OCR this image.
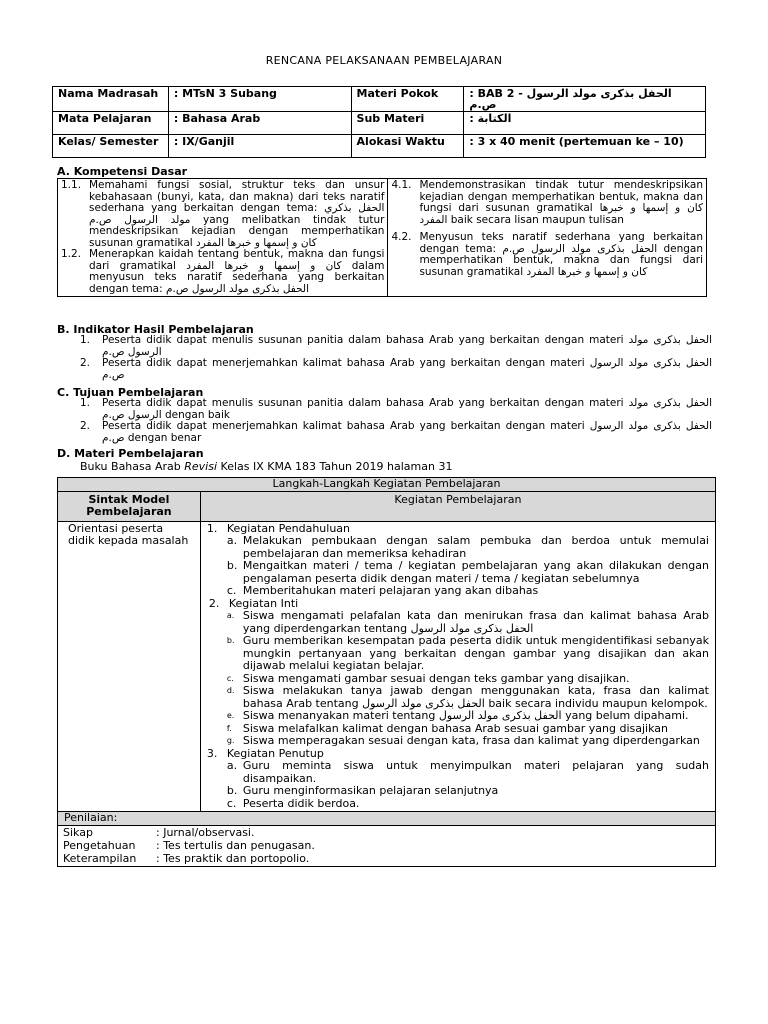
RENCANA PELAKSANAAN PEMBELAJARAN
Nama Madrasah	: MTsN 3 Subang	Materi Pokok	: BAB 2 - الحفل بذكرى مولد الرسول ص.م
Mata Pelajaran	: Bahasa Arab	Sub Materi	: الكتابة
Kelas/ Semester	: IX/Ganjil	Alokasi Waktu	: 3 x 40 menit (pertemuan ke – 10)
A. Kompetensi Dasar
1.1. Memahami fungsi sosial, struktur teks dan unsur kebahasaan (bunyi, kata, dan makna) dari teks naratif sederhana yang berkaitan dengan tema: الحفل بذكري مولد الرسول ص.م yang melibatkan tindak tutur mendeskripsikan kejadian dengan memperhatikan susunan gramatikal كان و إسمها و خبرها المفرد
1.2. Menerapkan kaidah tentang bentuk, makna dan fungsi dari gramatikal كان و إسمها و خبرها المفرد dalam menyusun teks naratif sederhana yang berkaitan dengan tema: الحفل بذكرى مولد الرسول ص.م

4.1. Mendemonstrasikan tindak tutur mendeskripsikan kejadian dengan memperhatikan bentuk, makna dan fungsi dari susunan gramatikal كان و إسمها و خبرها المفرد baik secara lisan maupun tulisan
4.2. Menyusun teks naratif sederhana yang berkaitan dengan tema: الحفل بذكرى مولد الرسول ص.م dengan memperhatikan bentuk, makna dan fungsi dari susunan gramatikal كان و إسمها و خبرها المفرد
B. Indikator Hasil Pembelajaran
1.	Peserta didik dapat menulis susunan panitia dalam bahasa Arab yang berkaitan dengan materi الحفل بذكرى مولد الرسول ص.م
2.	Peserta didik dapat menerjemahkan kalimat bahasa Arab yang berkaitan dengan materi الحفل بذكرى مولد الرسول ص.م
C. Tujuan Pembelajaran
1.	Peserta didik dapat menulis susunan panitia dalam bahasa Arab yang berkaitan dengan materi الحفل بذكرى مولد الرسول ص.م dengan baik
2.	Peserta didik dapat menerjemahkan kalimat bahasa Arab yang berkaitan dengan materi الحفل بذكرى مولد الرسول ص.م dengan benar
D. Materi Pembelajaran
Buku Bahasa Arab Revisi Kelas IX KMA 183 Tahun 2019 halaman 31
Langkah-Langkah Kegiatan Pembelajaran
Sintak Model Pembelajaran	Kegiatan Pembelajaran
Orientasi peserta didik kepada masalah	
1. Kegiatan Pendahuluan
a. Melakukan pembukaan dengan salam pembuka dan berdoa untuk memulai pembelajaran dan memeriksa kehadiran
b. Mengaitkan materi / tema / kegiatan pembelajaran yang akan dilakukan dengan pengalaman peserta didik dengan materi / tema / kegiatan sebelumnya
c. Memberitahukan materi pelajaran yang akan dibahas
2. Kegiatan Inti
a. Siswa mengamati pelafalan kata dan menirukan frasa dan kalimat bahasa Arab yang diperdengarkan tentang الحفل بذكرى مولد الرسول
b. Guru memberikan kesempatan pada peserta didik untuk mengidentifikasi sebanyak mungkin pertanyaan yang berkaitan dengan gambar yang disajikan dan akan dijawab melalui kegiatan belajar.
c. Siswa mengamati gambar sesuai dengan teks gambar yang disajikan.
d. Siswa melakukan tanya jawab dengan menggunakan kata, frasa dan kalimat bahasa Arab tentang الحفل بذكرى مولد الرسول baik secara individu maupun kelompok.
e. Siswa menanyakan materi tentang الحفل بذكرى مولد الرسول yang belum dipahami.
f.	Siswa melafalkan kalimat dengan bahasa Arab sesuai gambar yang disajikan
g. Siswa memperagakan sesuai dengan kata, frasa dan kalimat yang diperdengarkan
3. Kegiatan Penutup
a. Guru meminta siswa untuk menyimpulkan materi pelajaran yang sudah disampaikan.
b. Guru menginformasikan pelajaran selanjutnya
c. Peserta didik berdoa.

Penilaian:

Sikap	: Jurnal/observasi.
Pengetahuan	: Tes tertulis dan penugasan.
Keterampilan	: Tes praktik dan portopolio.
